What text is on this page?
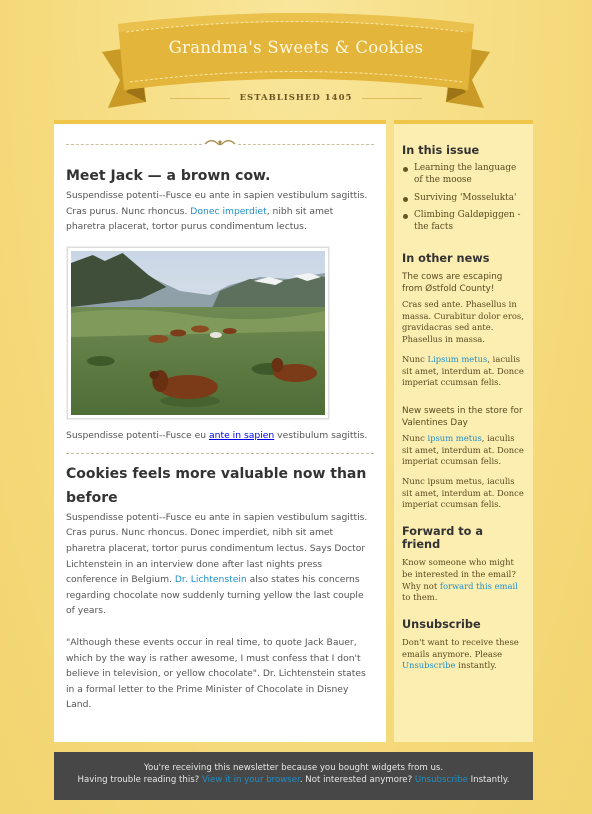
Grandma's Sweets & Cookies
ESTABLISHED 1405
Meet Jack — a brown cow.

Suspendisse potenti--Fusce eu ante in sapien vestibulum sagittis. Cras purus. Nunc rhoncus. Donec imperdiet, nibh sit amet pharetra placerat, tortor purus condimentum lectus.

Suspendisse potenti--Fusce eu ante in sapien vestibulum sagittis.

Cookies feels more valuable now than before

Suspendisse potenti--Fusce eu ante in sapien vestibulum sagittis. Cras purus. Nunc rhoncus. Donec imperdiet, nibh sit amet pharetra placerat, tortor purus condimentum lectus. Says Doctor Lichtenstein in an interview done after last nights press conference in Belgium. Dr. Lichtenstein also states his concerns regarding chocolate now suddenly turning yellow the last couple of years.

"Although these events occur in real time, to quote Jack Bauer, which by the way is rather awesome, I must confess that I don't believe in television, or yellow chocolate". Dr. Lichtenstein states in a formal letter to the Prime Minister of Chocolate in Disney Land.

In this issue
Learning the language of the moose
Surviving 'Mosselukta'
Climbing Galdøpiggen - the facts
In other news

The cows are escaping from Østfold County!

Cras sed ante. Phasellus in massa. Curabitur dolor eros, gravidacras sed ante. Phasellus in massa.

Nunc Lipsum metus, iaculis sit amet, interdum at. Donce imperiat ccumsan felis.

New sweets in the store for Valentines Day

Nunc ipsum metus, iaculis sit amet, interdum at. Donce imperiat ccumsan felis.

Nunc ipsum metus, iaculis sit amet, interdum at. Donce imperiat ccumsan felis.

Forward to a friend

Know someone who might be interested in the email? Why not forward this email to them.

Unsubscribe

Don't want to receive these emails anymore. Please Unsubscribe instantly.

You're receiving this newsletter because you bought widgets from us.
Having trouble reading this? View it in your browser. Not interested anymore? Unsubscribe Instantly.
